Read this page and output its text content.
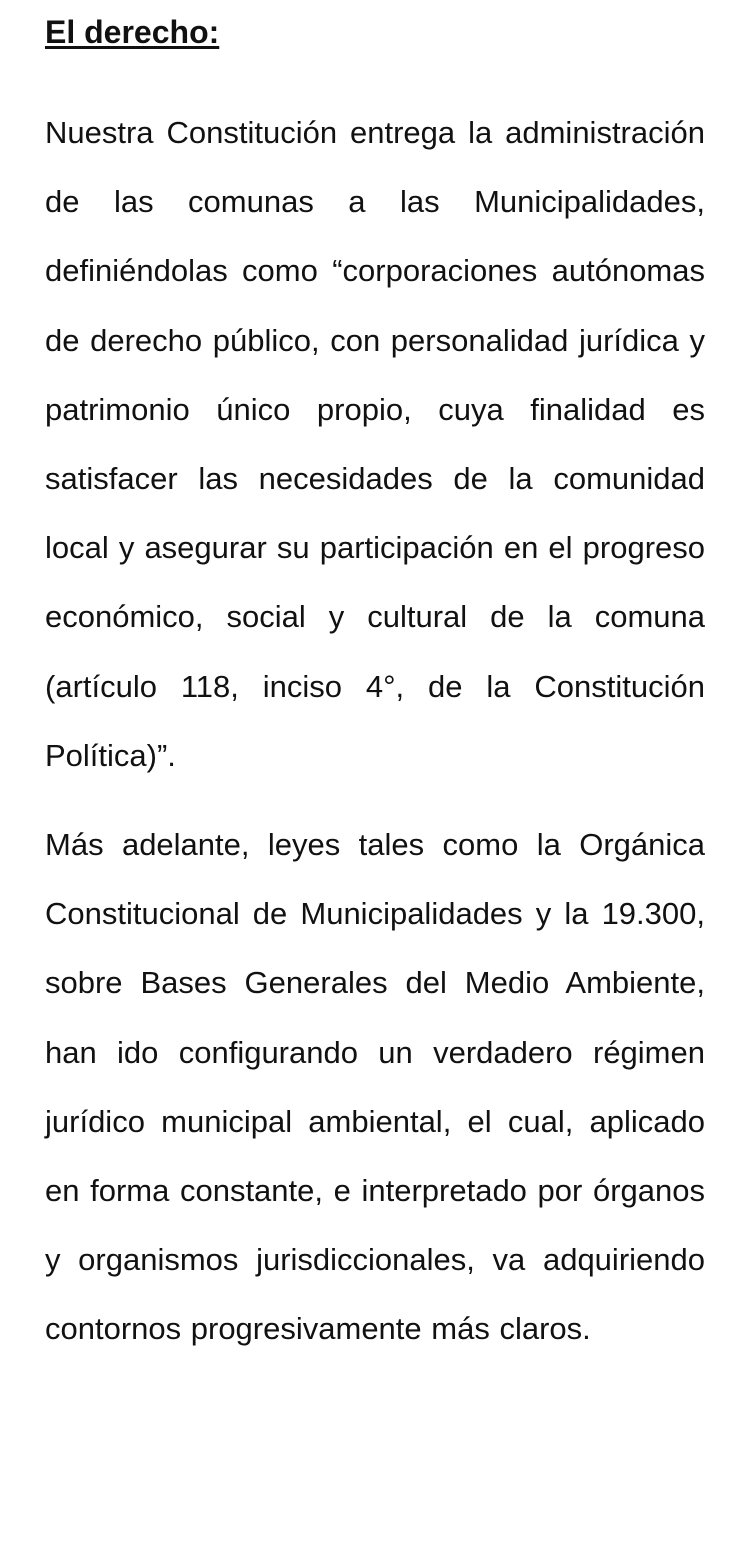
El derecho:

Nuestra Constitución entrega la administración de las comunas a las Municipalidades, definiéndolas como “corporaciones autónomas de derecho público, con personalidad jurídica y patrimonio único propio, cuya finalidad es satisfacer las necesidades de la comunidad local y asegurar su participación en el progreso económico, social y cultural de la comuna (artículo 118, inciso 4°, de la Constitución Política)”.

Más adelante, leyes tales como la Orgánica Constitucional de Municipalidades y la 19.300, sobre Bases Generales del Medio Ambiente, han ido configurando un verdadero régimen jurídico municipal ambiental, el cual, aplicado en forma constante, e interpretado por órganos y organismos jurisdiccionales, va adquiriendo contornos progresivamente más claros.
